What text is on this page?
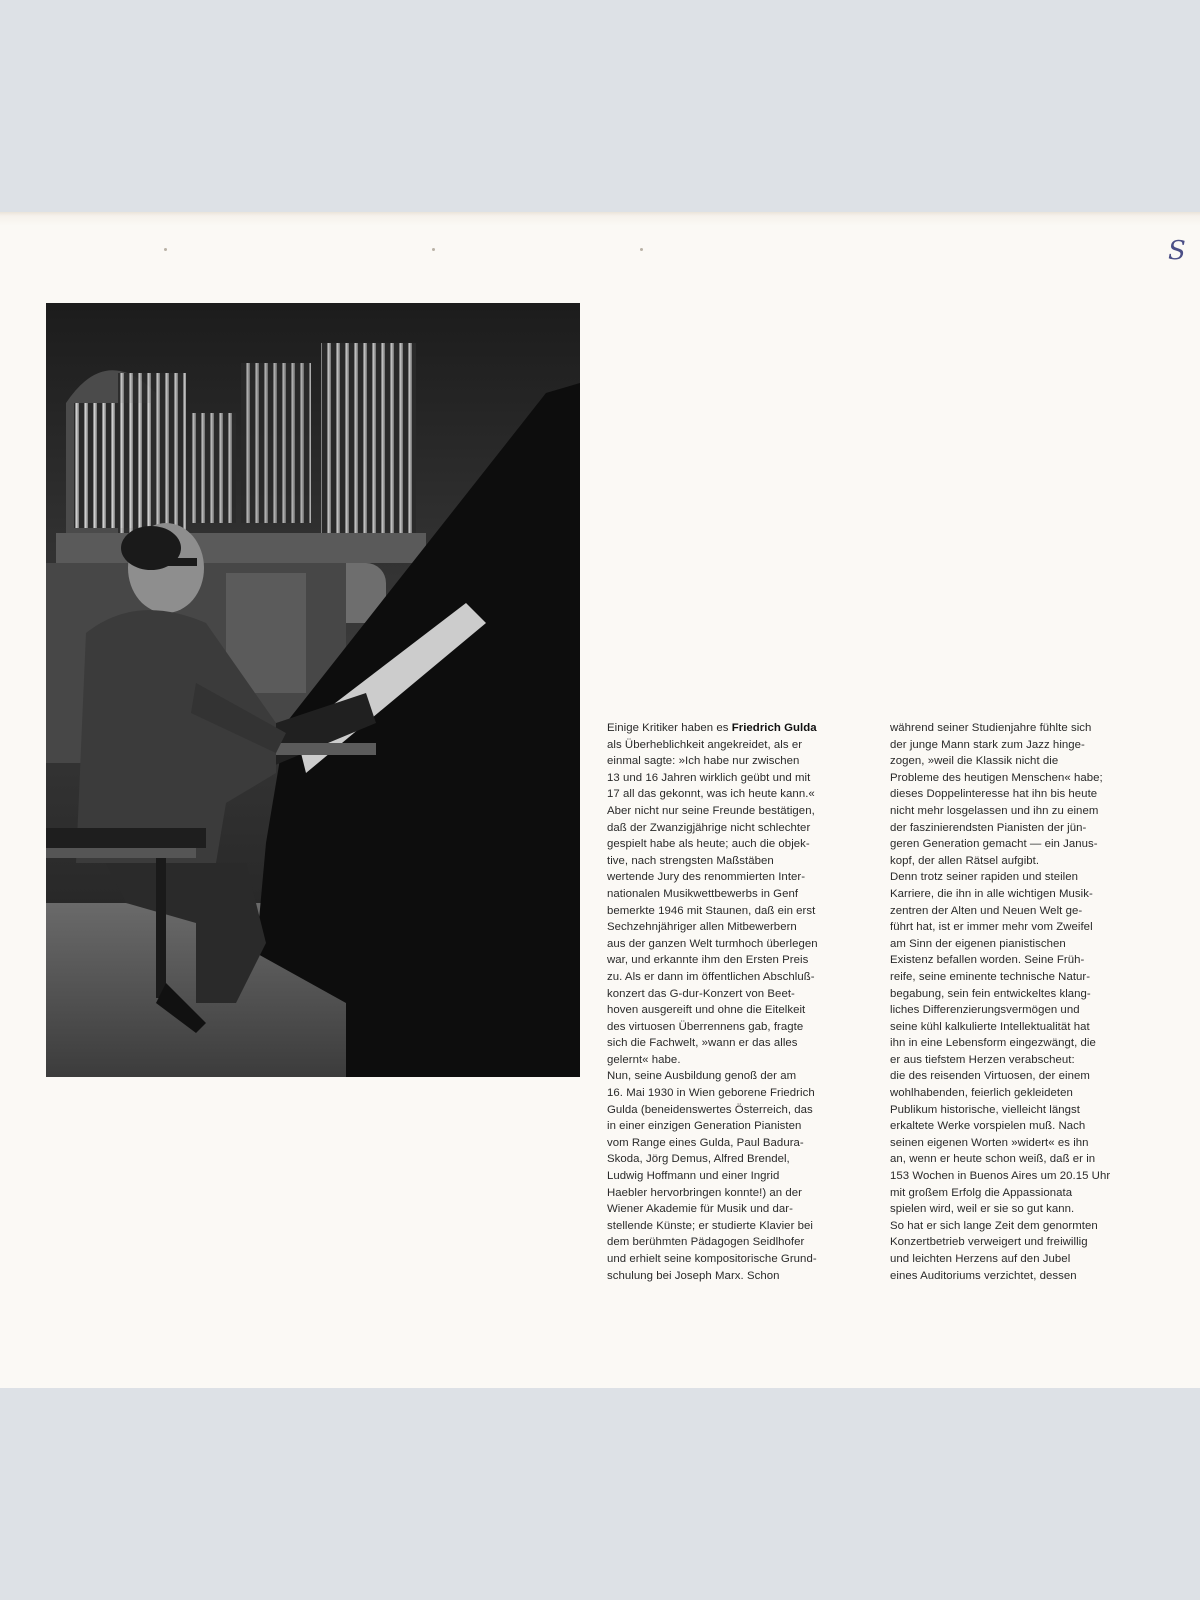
S
Einige Kritiker haben es Friedrich Gulda
als Überheblichkeit angekreidet, als er
einmal sagte: »Ich habe nur zwischen
13 und 16 Jahren wirklich geübt und mit
17 all das gekonnt, was ich heute kann.«
Aber nicht nur seine Freunde bestätigen,
daß der Zwanzigjährige nicht schlechter
gespielt habe als heute; auch die objek-
tive, nach strengsten Maßstäben
wertende Jury des renommierten Inter-
nationalen Musikwettbewerbs in Genf
bemerkte 1946 mit Staunen, daß ein erst
Sechzehnjähriger allen Mitbewerbern
aus der ganzen Welt turmhoch überlegen
war, und erkannte ihm den Ersten Preis
zu. Als er dann im öffentlichen Abschluß-
konzert das G-dur-Konzert von Beet-
hoven ausgereift und ohne die Eitelkeit
des virtuosen Überrennens gab, fragte
sich die Fachwelt, »wann er das alles
gelernt« habe.
Nun, seine Ausbildung genoß der am
16. Mai 1930 in Wien geborene Friedrich
Gulda (beneidenswertes Österreich, das
in einer einzigen Generation Pianisten
vom Range eines Gulda, Paul Badura-
Skoda, Jörg Demus, Alfred Brendel,
Ludwig Hoffmann und einer Ingrid
Haebler hervorbringen konnte!) an der
Wiener Akademie für Musik und dar-
stellende Künste; er studierte Klavier bei
dem berühmten Pädagogen Seidlhofer
und erhielt seine kompositorische Grund-
schulung bei Joseph Marx. Schon
während seiner Studienjahre fühlte sich
der junge Mann stark zum Jazz hinge-
zogen, »weil die Klassik nicht die
Probleme des heutigen Menschen« habe;
dieses Doppelinteresse hat ihn bis heute
nicht mehr losgelassen und ihn zu einem
der faszinierendsten Pianisten der jün-
geren Generation gemacht — ein Janus-
kopf, der allen Rätsel aufgibt.
Denn trotz seiner rapiden und steilen
Karriere, die ihn in alle wichtigen Musik-
zentren der Alten und Neuen Welt ge-
führt hat, ist er immer mehr vom Zweifel
am Sinn der eigenen pianistischen
Existenz befallen worden. Seine Früh-
reife, seine eminente technische Natur-
begabung, sein fein entwickeltes klang-
liches Differenzierungsvermögen und
seine kühl kalkulierte Intellektualität hat
ihn in eine Lebensform eingezwängt, die
er aus tiefstem Herzen verabscheut:
die des reisenden Virtuosen, der einem
wohlhabenden, feierlich gekleideten
Publikum historische, vielleicht längst
erkaltete Werke vorspielen muß. Nach
seinen eigenen Worten »widert« es ihn
an, wenn er heute schon weiß, daß er in
153 Wochen in Buenos Aires um 20.15 Uhr
mit großem Erfolg die Appassionata
spielen wird, weil er sie so gut kann.
So hat er sich lange Zeit dem genormten
Konzertbetrieb verweigert und freiwillig
und leichten Herzens auf den Jubel
eines Auditoriums verzichtet, dessen
